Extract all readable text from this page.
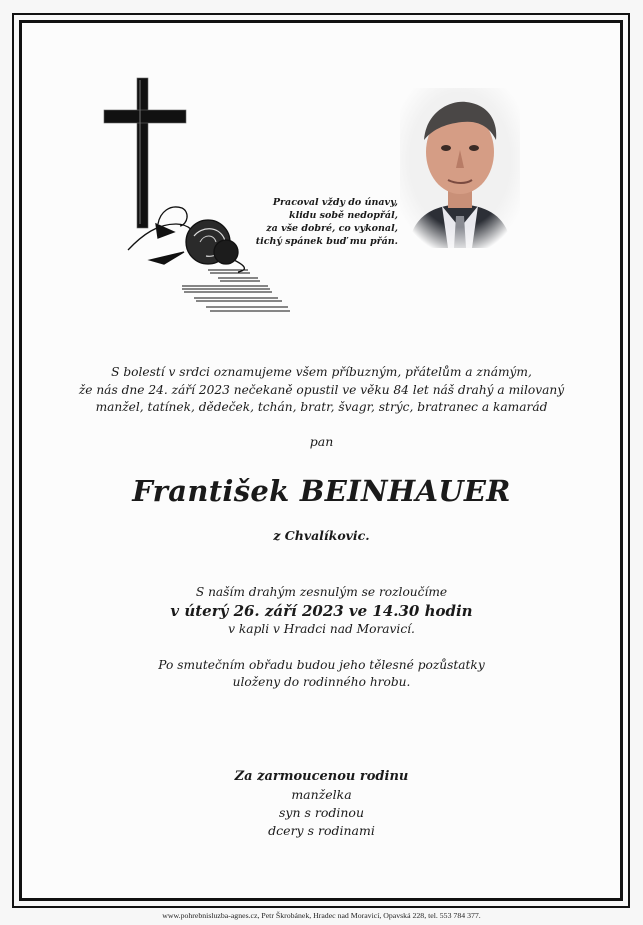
Pracoval vždy do únavy,
klidu sobě nedopřál,
za vše dobré, co vykonal,
tichý spánek buď mu přán.
S bolestí v srdci oznamujeme všem příbuzným, přátelům a známým,
že nás dne 24. září 2023 nečekaně opustil ve věku 84 let náš drahý a milovaný
manžel, tatínek, dědeček, tchán, bratr, švagr, strýc, bratranec a kamarád
pan
František BEINHAUER
z Chvalíkovic.
S naším drahým zesnulým se rozloučíme
v úterý 26. září 2023 ve 14.30 hodin
v kapli v Hradci nad Moravicí.
Po smutečním obřadu budou jeho tělesné pozůstatky
uloženy do rodinného hrobu.
Za zarmoucenou rodinu
manželka
syn s rodinou
dcery s rodinami
www.pohrebnisluzba-agnes.cz, Petr Škrobánek, Hradec nad Moravicí, Opavská 228, tel. 553 784 377.
